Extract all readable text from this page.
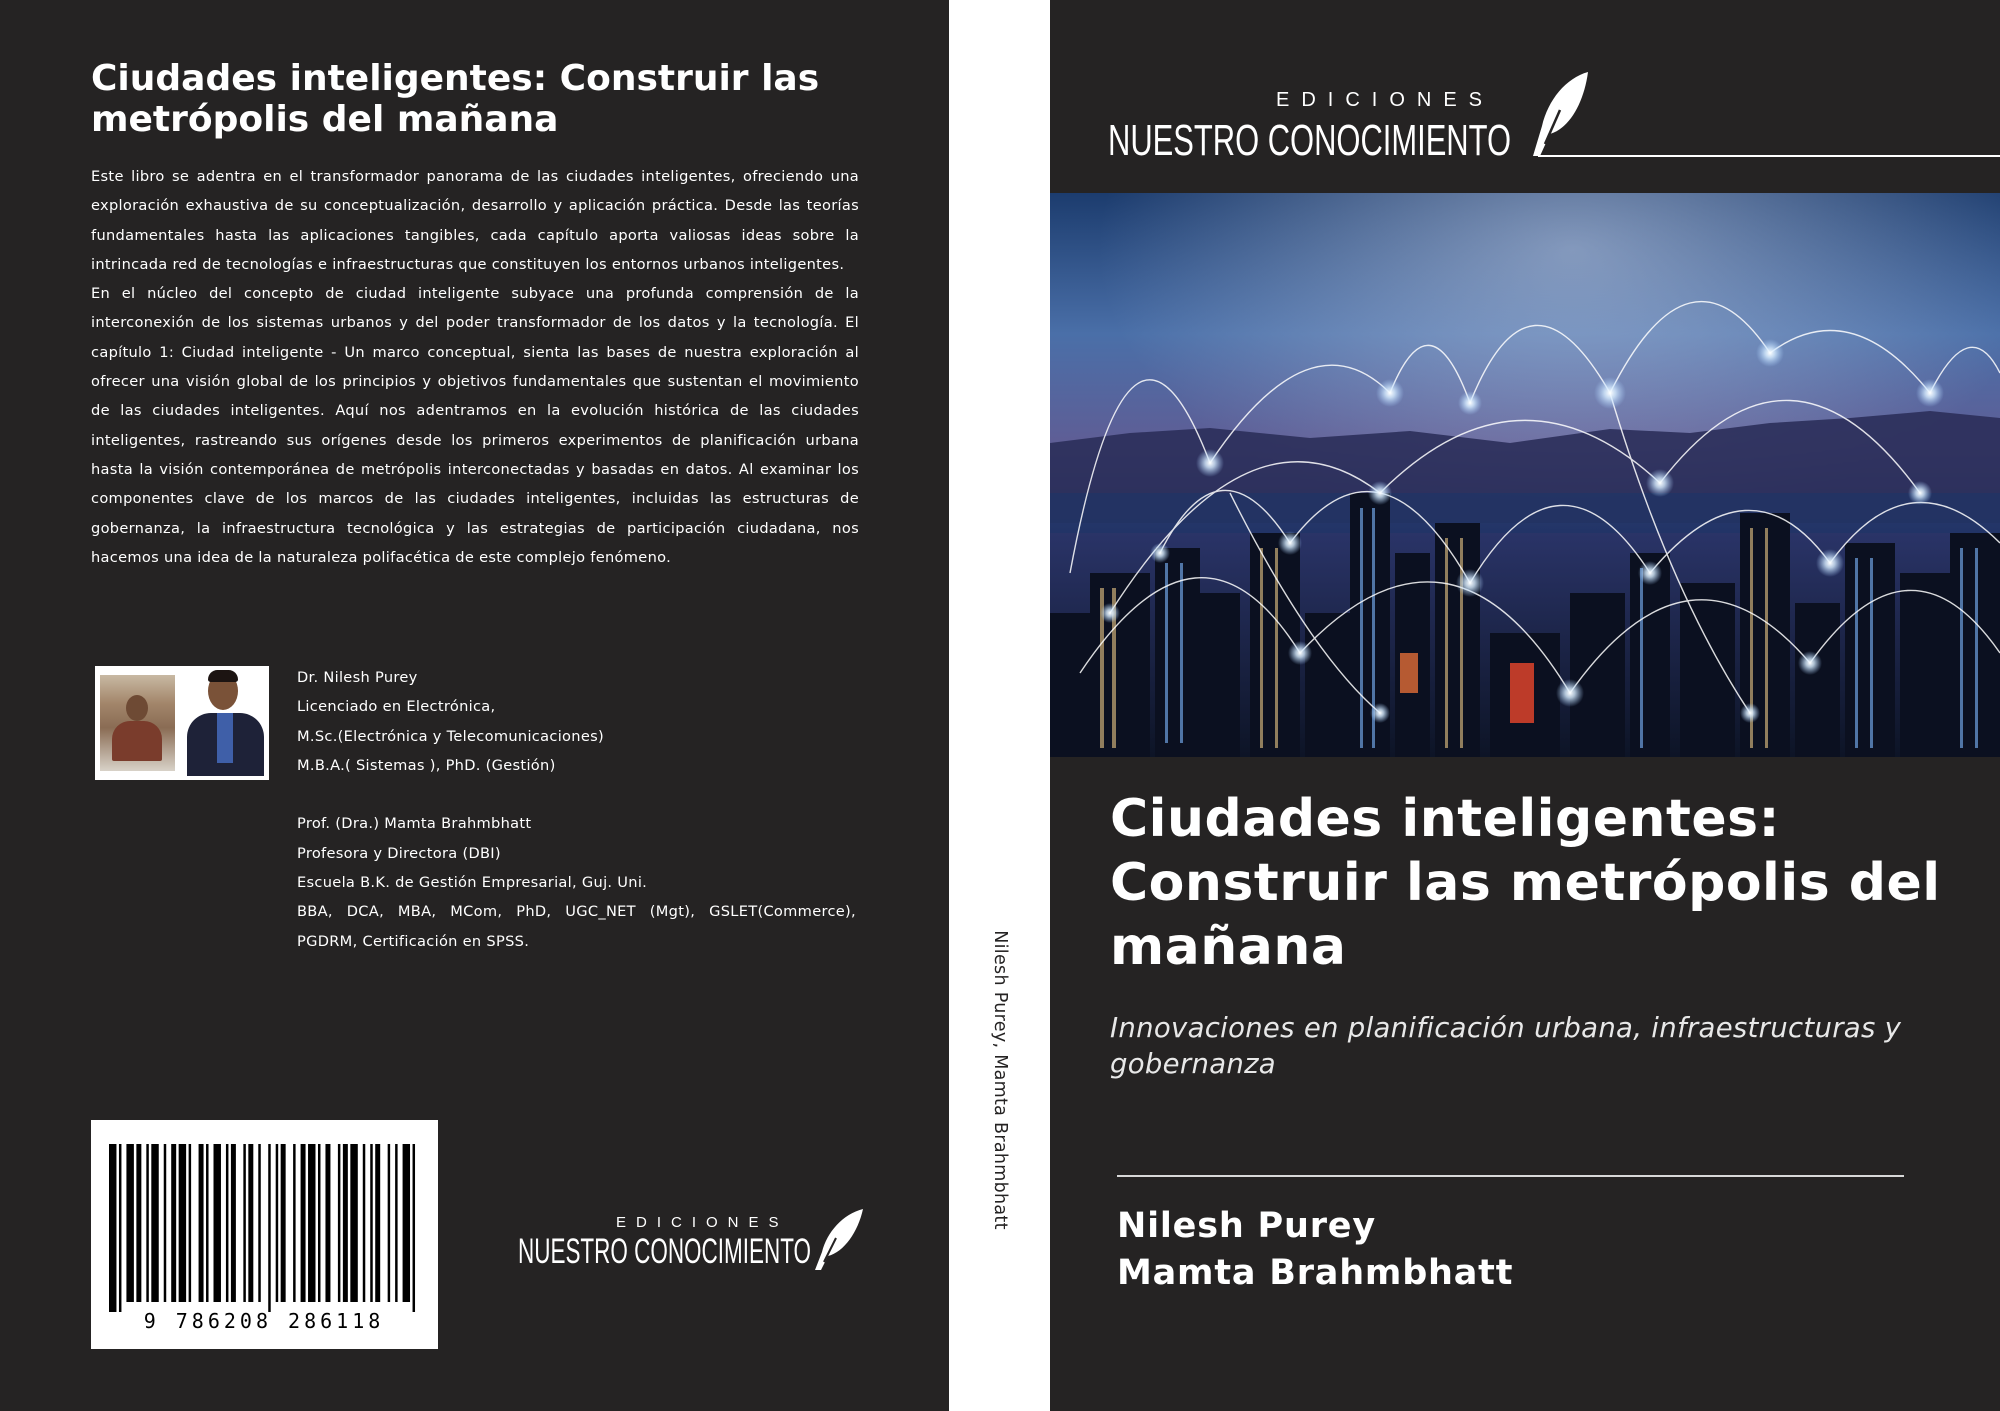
Ciudades inteligentes: Construir las metrópolis del mañana

Este libro se adentra en el transformador panorama de las ciudades inteligentes, ofreciendo una exploración exhaustiva de su conceptualización, desarrollo y aplicación práctica. Desde las teorías fundamentales hasta las aplicaciones tangibles, cada capítulo aporta valiosas ideas sobre la intrincada red de tecnologías e infraestructuras que constituyen los entornos urbanos inteligentes.

En el núcleo del concepto de ciudad inteligente subyace una profunda comprensión de la interconexión de los sistemas urbanos y del poder transformador de los datos y la tecnología. El capítulo 1: Ciudad inteligente - Un marco conceptual, sienta las bases de nuestra exploración al ofrecer una visión global de los principios y objetivos fundamentales que sustentan el movimiento de las ciudades inteligentes. Aquí nos adentramos en la evolución histórica de las ciudades inteligentes, rastreando sus orígenes desde los primeros experimentos de planificación urbana hasta la visión contemporánea de metrópolis interconectadas y basadas en datos. Al examinar los componentes clave de los marcos de las ciudades inteligentes, incluidas las estructuras de gobernanza, la infraestructura tecnológica y las estrategias de participación ciudadana, nos hacemos una idea de la naturaleza polifacética de este complejo fenómeno.

Dr. Nilesh Purey
Licenciado en Electrónica,
M.Sc.(Electrónica y Telecomunicaciones)
M.B.A.( Sistemas ), PhD. (Gestión)
Prof. (Dra.) Mamta Brahmbhatt
Profesora y Directora (DBI)
Escuela B.K. de Gestión Empresarial, Guj. Uni.
BBA, DCA, MBA, MCom, PhD, UGC_NET (Mgt), GSLET(Commerce),
PGDRM, Certificación en SPSS.
9 786208 286118
EDICIONES
NUESTRO CONOCIMIENTO
Nilesh Purey, Mamta Brahmbhatt
Ciudades inteligentes: Construir las metrópolis del mañana
Innovaciones en planificación urbana, infraestructuras y gobernanza
Nilesh Purey
Mamta Brahmbhatt
EDICIONES
NUESTRO CONOCIMIENTO
